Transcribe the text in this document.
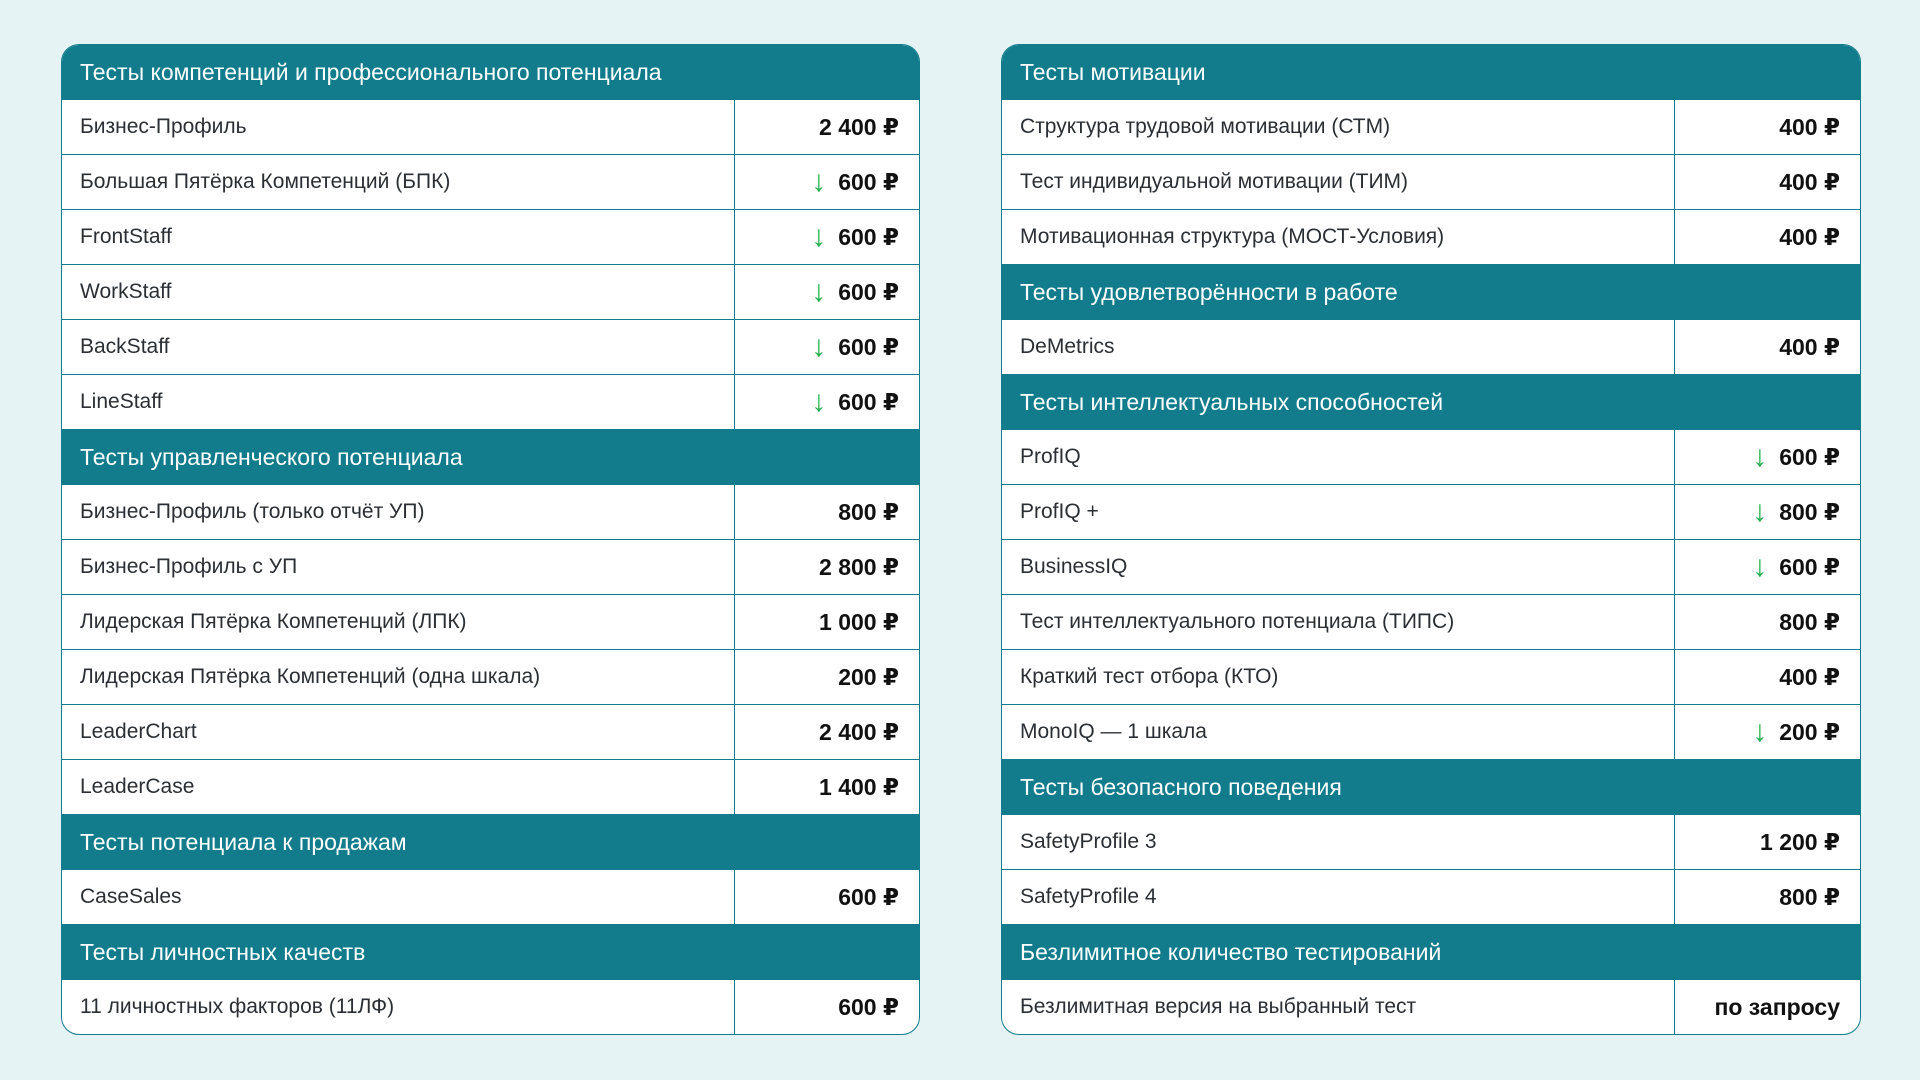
Тесты компетенций и профессионального потенциала
Бизнес-Профиль	2 400 ₽
Большая Пятёрка Компетенций (БПК)	↓ 600 ₽
FrontStaff	↓ 600 ₽
WorkStaff	↓ 600 ₽
BackStaff	↓ 600 ₽
LineStaff	↓ 600 ₽
Тесты управленческого потенциала
Бизнес-Профиль (только отчёт УП)	800 ₽
Бизнес-Профиль с УП	2 800 ₽
Лидерская Пятёрка Компетенций (ЛПК)	1 000 ₽
Лидерская Пятёрка Компетенций (одна шкала)	200 ₽
LeaderChart	2 400 ₽
LeaderCase	1 400 ₽
Тесты потенциала к продажам
CaseSales	600 ₽
Тесты личностных качеств
11 личностных факторов (11ЛФ)	600 ₽
Тесты мотивации
Структура трудовой мотивации (СТМ)	400 ₽
Тест индивидуальной мотивации (ТИМ)	400 ₽
Мотивационная структура (МОСТ-Условия)	400 ₽
Тесты удовлетворённости в работе
DeMetrics	400 ₽
Тесты интеллектуальных способностей
ProfIQ	↓ 600 ₽
ProfIQ +	↓ 800 ₽
BusinessIQ	↓ 600 ₽
Тест интеллектуального потенциала (ТИПС)	800 ₽
Краткий тест отбора (КТО)	400 ₽
MonoIQ — 1 шкала	↓ 200 ₽
Тесты безопасного поведения
SafetyProfile 3	1 200 ₽
SafetyProfile 4	800 ₽
Безлимитное количество тестирований
Безлимитная версия на выбранный тест	по запросу
